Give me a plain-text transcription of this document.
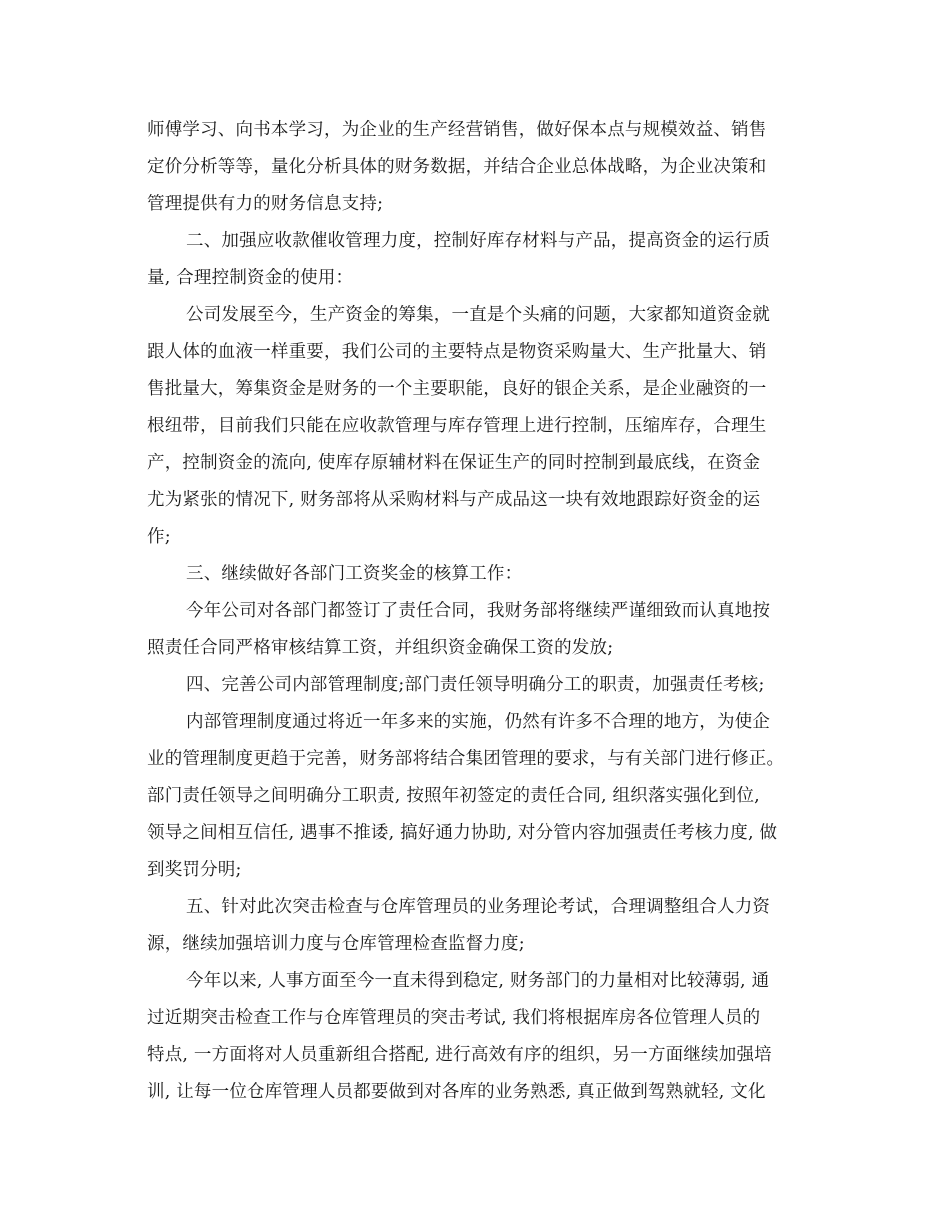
师傅学习、向书本学习，为企业的生产经营销售，做好保本点与规模效益、销售
定价分析等等，量化分析具体的财务数据，并结合企业总体战略，为企业决策和
管理提供有力的财务信息支持;
二、加强应收款催收管理力度，控制好库存材料与产品，提高资金的运行质
量, 合理控制资金的使用：
公司发展至今，生产资金的筹集，一直是个头痛的问题，大家都知道资金就
跟人体的血液一样重要，我们公司的主要特点是物资采购量大、生产批量大、销
售批量大，筹集资金是财务的一个主要职能，良好的银企关系，是企业融资的一
根纽带，目前我们只能在应收款管理与库存管理上进行控制，压缩库存，合理生
产，控制资金的流向, 使库存原辅材料在保证生产的同时控制到最底线，在资金
尤为紧张的情况下, 财务部将从采购材料与产成品这一块有效地跟踪好资金的运
作;
三、继续做好各部门工资奖金的核算工作：
今年公司对各部门都签订了责任合同，我财务部将继续严谨细致而认真地按
照责任合同严格审核结算工资，并组织资金确保工资的发放;
四、完善公司内部管理制度;部门责任领导明确分工的职责，加强责任考核;
内部管理制度通过将近一年多来的实施，仍然有许多不合理的地方，为使企
业的管理制度更趋于完善，财务部将结合集团管理的要求，与有关部门进行修正。
部门责任领导之间明确分工职责, 按照年初签定的责任合同, 组织落实强化到位,
领导之间相互信任, 遇事不推诿, 搞好通力协助, 对分管内容加强责任考核力度, 做
到奖罚分明;
五、针对此次突击检查与仓库管理员的业务理论考试，合理调整组合人力资
源，继续加强培训力度与仓库管理检查监督力度;
今年以来, 人事方面至今一直未得到稳定, 财务部门的力量相对比较薄弱, 通
过近期突击检查工作与仓库管理员的突击考试, 我们将根据库房各位管理人员的
特点, 一方面将对人员重新组合搭配, 进行高效有序的组织，另一方面继续加强培
训, 让每一位仓库管理人员都要做到对各库的业务熟悉, 真正做到驾熟就轻, 文化
